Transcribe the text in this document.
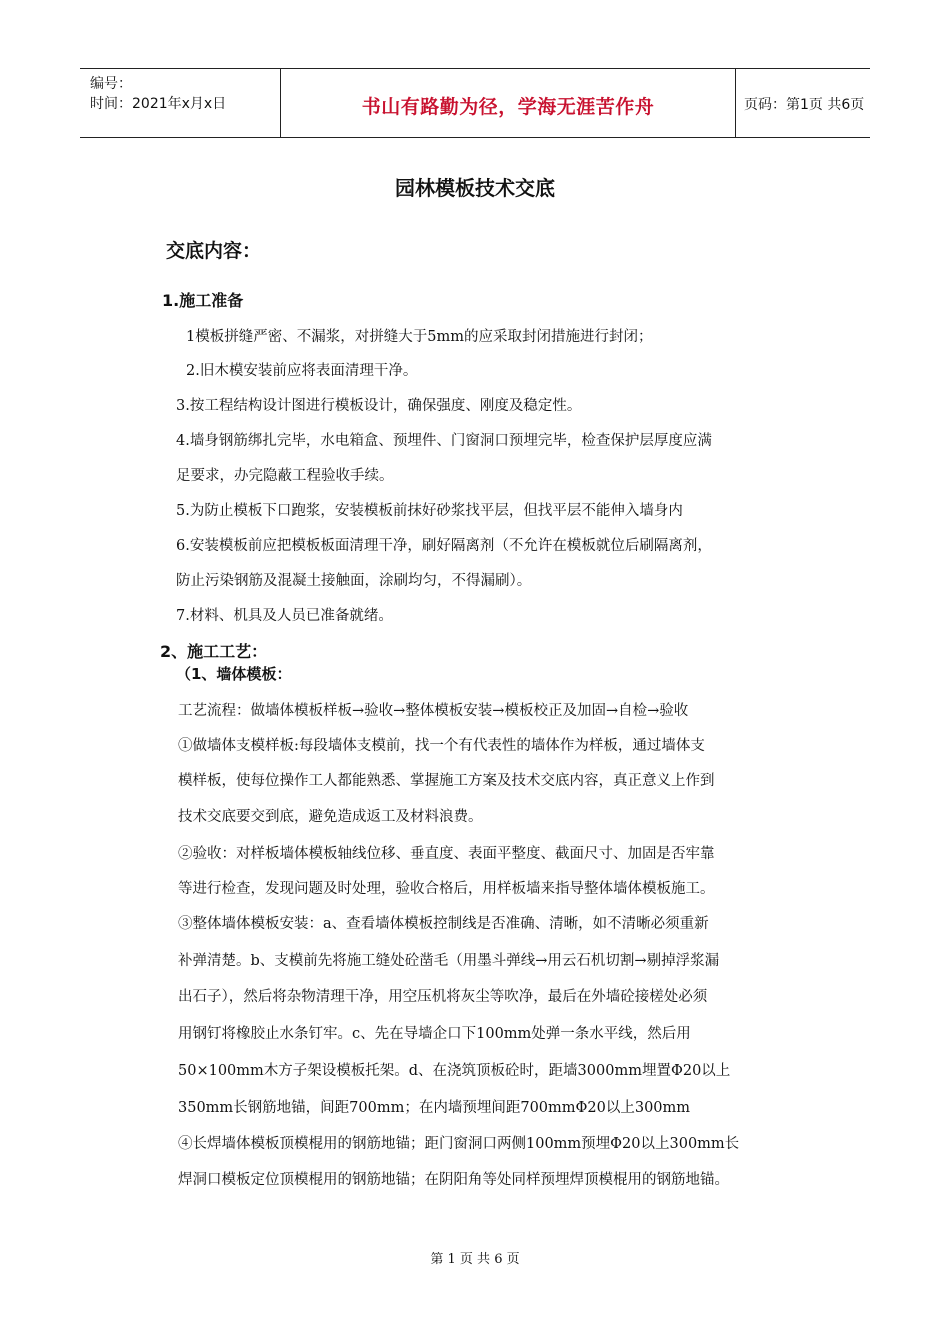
编号：
时间：2021年x月x日	书山有路勤为径，学海无涯苦作舟	页码：第1页 共6页
园林模板技术交底
交底内容：
1.施工准备
1模板拼缝严密、不漏浆，对拼缝大于5mm的应采取封闭措施进行封闭；
2.旧木模安装前应将表面清理干净。
3.按工程结构设计图进行模板设计，确保强度、刚度及稳定性。
4.墙身钢筋绑扎完毕，水电箱盒、预埋件、门窗洞口预埋完毕，检查保护层厚度应满
足要求，办完隐蔽工程验收手续。
5.为防止模板下口跑浆，安装模板前抹好砂浆找平层，但找平层不能伸入墙身内
6.安装模板前应把模板板面清理干净，刷好隔离剂（不允许在模板就位后刷隔离剂，
防止污染钢筋及混凝土接触面，涂刷均匀，不得漏刷）。
7.材料、机具及人员已准备就绪。
2、施工工艺：
（1、墙体模板：
工艺流程：做墙体模板样板→验收→整体模板安装→模板校正及加固→自检→验收
①做墙体支模样板:每段墙体支模前，找一个有代表性的墙体作为样板，通过墙体支
模样板，使每位操作工人都能熟悉、掌握施工方案及技术交底内容，真正意义上作到
技术交底要交到底，避免造成返工及材料浪费。
②验收：对样板墙体模板轴线位移、垂直度、表面平整度、截面尺寸、加固是否牢靠
等进行检查，发现问题及时处理，验收合格后，用样板墙来指导整体墙体模板施工。
③整体墙体模板安装：a、查看墙体模板控制线是否准确、清晰，如不清晰必须重新
补弹清楚。b、支模前先将施工缝处砼凿毛（用墨斗弹线→用云石机切割→剔掉浮浆漏
出石子），然后将杂物清理干净，用空压机将灰尘等吹净，最后在外墙砼接槎处必须
用钢钉将橡胶止水条钉牢。c、先在导墙企口下100mm处弹一条水平线，然后用
50×100mm木方子架设模板托架。d、在浇筑顶板砼时，距墙3000mm埋置Φ20以上
350mm长钢筋地锚，间距700mm；在内墙预埋间距700mmΦ20以上300mm
④长焊墙体模板顶模棍用的钢筋地锚；距门窗洞口两侧100mm预埋Φ20以上300mm长
焊洞口模板定位顶模棍用的钢筋地锚；在阴阳角等处同样预埋焊顶模棍用的钢筋地锚。
第 1 页 共 6 页
